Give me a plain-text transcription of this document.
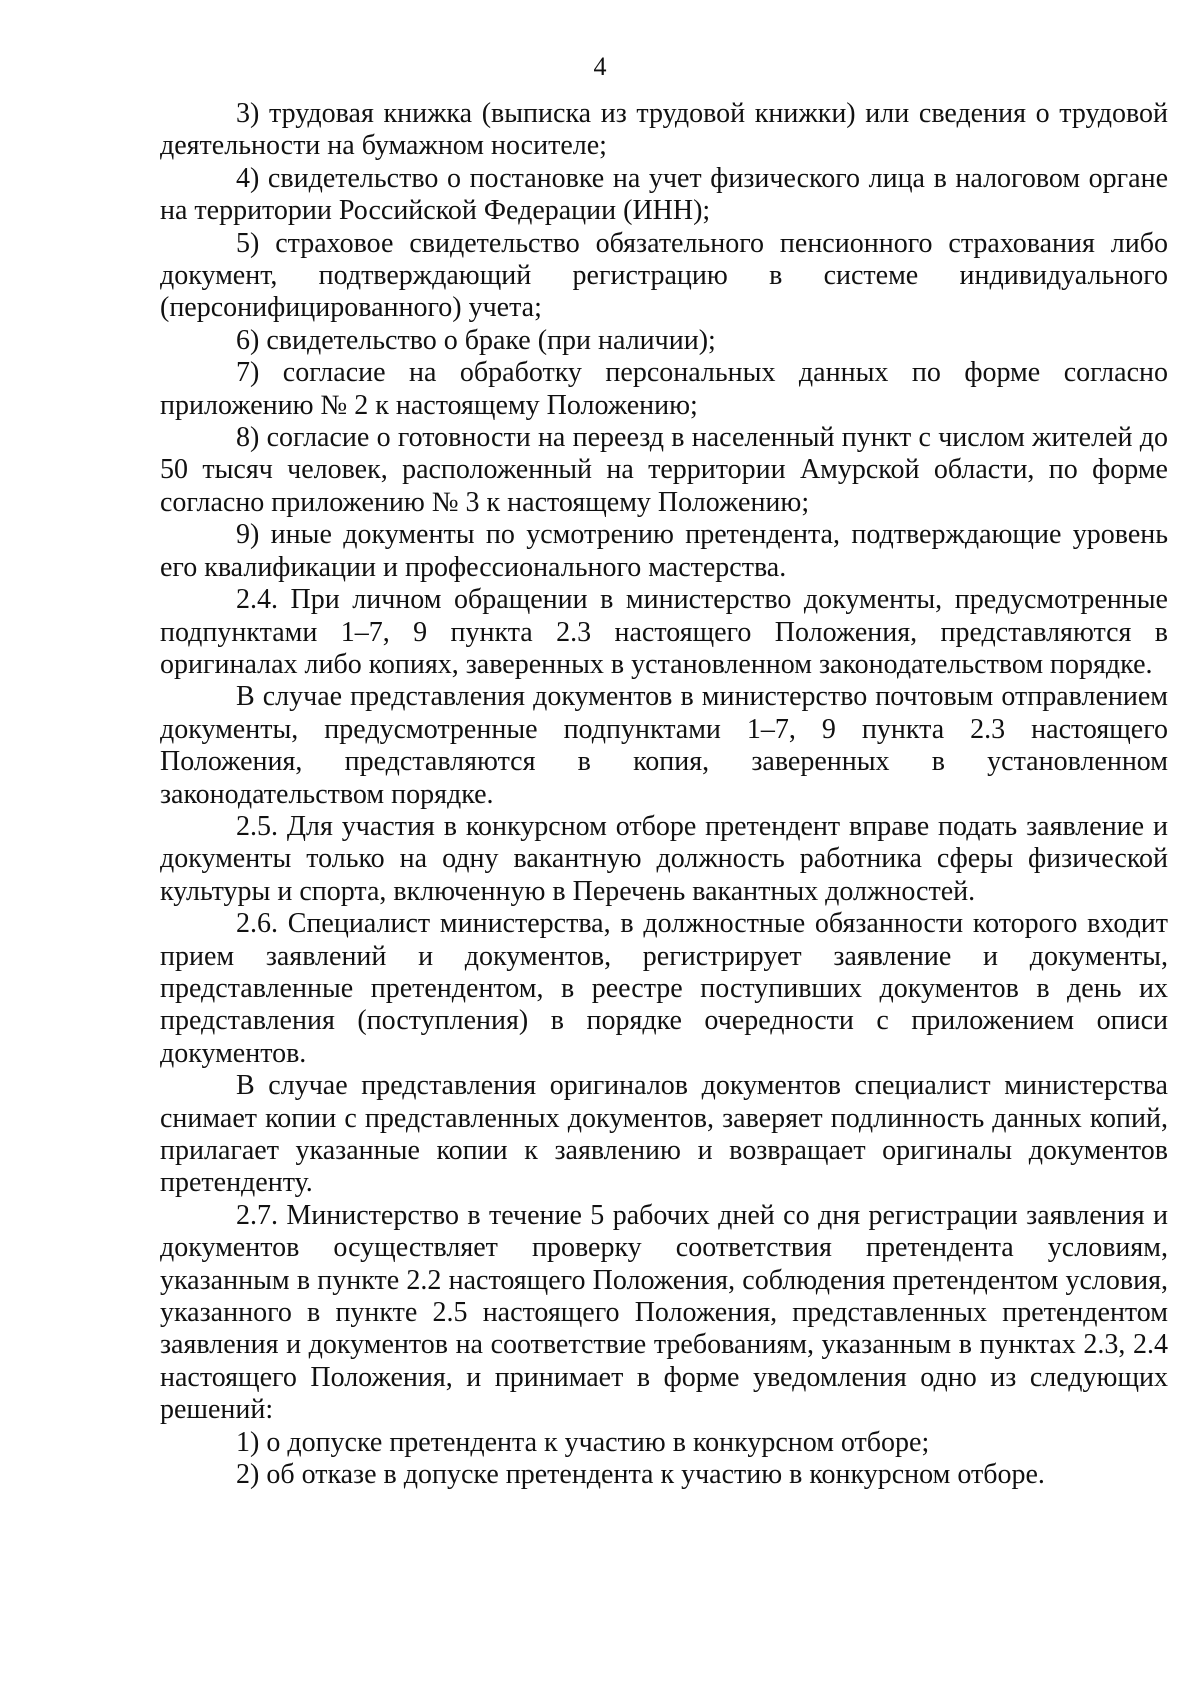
4

3) трудовая книжка (выписка из трудовой книжки) или сведения о трудовой деятельности на бумажном носителе;

4) свидетельство о постановке на учет физического лица в налоговом органе на территории Российской Федерации (ИНН);

5) страховое свидетельство обязательного пенсионного страхования либо документ, подтверждающий регистрацию в системе индивидуального (персонифицированного) учета;

6) свидетельство о браке (при наличии);

7) согласие на обработку персональных данных по форме согласно приложению № 2 к настоящему Положению;

8) согласие о готовности на переезд в населенный пункт с числом жителей до 50 тысяч человек, расположенный на территории Амурской области, по форме согласно приложению № 3 к настоящему Положению;

9) иные документы по усмотрению претендента, подтверждающие уровень его квалификации и профессионального мастерства.

2.4. При личном обращении в министерство документы, предусмотренные подпунктами 1–7, 9 пункта 2.3 настоящего Положения, представляются в оригиналах либо копиях, заверенных в установленном законодательством порядке.

В случае представления документов в министерство почтовым отправлением документы, предусмотренные подпунктами 1–7, 9 пункта 2.3 настоящего Положения, представляются в копия, заверенных в установленном законодательством порядке.

2.5. Для участия в конкурсном отборе претендент вправе подать заявление и документы только на одну вакантную должность работника сферы физической культуры и спорта, включенную в Перечень вакантных должностей.

2.6. Специалист министерства, в должностные обязанности которого входит прием заявлений и документов, регистрирует заявление и документы, представленные претендентом, в реестре поступивших документов в день их представления (поступления) в порядке очередности с приложением описи документов.

В случае представления оригиналов документов специалист министерства снимает копии с представленных документов, заверяет подлинность данных копий, прилагает указанные копии к заявлению и возвращает оригиналы документов претенденту.

2.7. Министерство в течение 5 рабочих дней со дня регистрации заявления и документов осуществляет проверку соответствия претендента условиям, указанным в пункте 2.2 настоящего Положения, соблюдения претендентом условия, указанного в пункте 2.5 настоящего Положения, представленных претендентом заявления и документов на соответствие требованиям, указанным в пунктах 2.3, 2.4 настоящего Положения, и принимает в форме уведомления одно из следующих решений:

1) о допуске претендента к участию в конкурсном отборе;

2) об отказе в допуске претендента к участию в конкурсном отборе.
